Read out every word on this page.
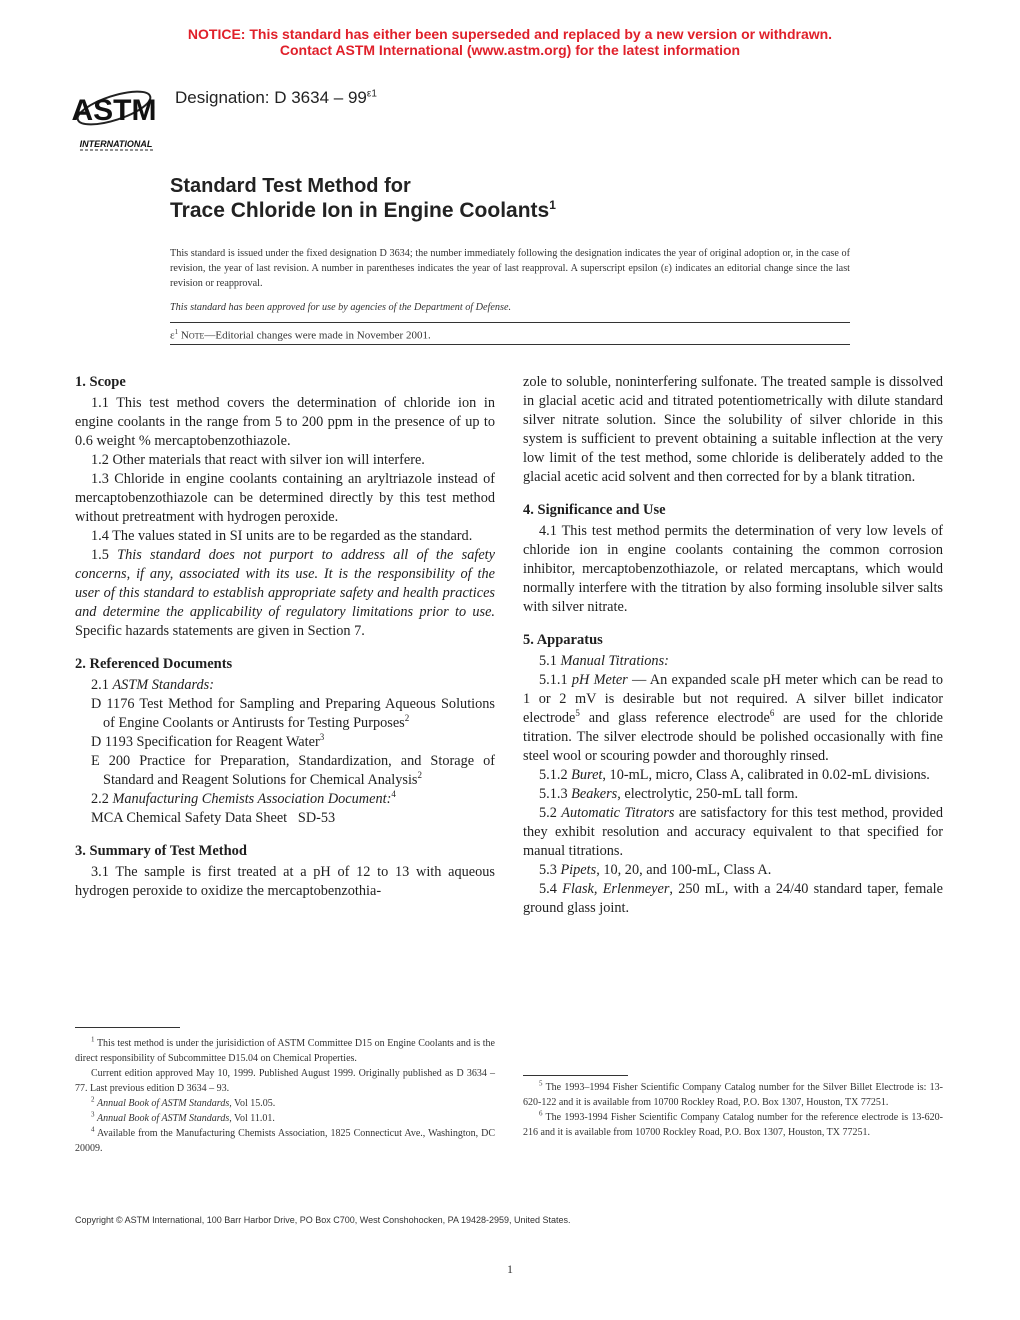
NOTICE: This standard has either been superseded and replaced by a new version or withdrawn.
Contact ASTM International (www.astm.org) for the latest information
ASTM
INTERNATIONAL
Designation: D $3634 - 99^{\varepsilon 1}$
Standard Test Method for
Trace Chloride Ion in Engine Coolants$^1$
This standard is issued under the fixed designation D 3634; the number immediately following the designation indicates the year of original adoption or, in the case of revision, the year of last revision. A number in parentheses indicates the year of last reapproval. A superscript epsilon (ε) indicates an editorial change since the last revision or reapproval.
This standard has been approved for use by agencies of the Department of Defense.
$\varepsilon^1$ Note—Editorial changes were made in November 2001.
1. Scope

1.1 This test method covers the determination of chloride ion in engine coolants in the range from 5 to 200 ppm in the presence of up to 0.6 weight % mercaptobenzothiazole.

1.2 Other materials that react with silver ion will interfere.

1.3 Chloride in engine coolants containing an aryltriazole instead of mercaptobenzothiazole can be determined directly by this test method without pretreatment with hydrogen peroxide.

1.4 The values stated in SI units are to be regarded as the standard.

1.5 This standard does not purport to address all of the safety concerns, if any, associated with its use. It is the responsibility of the user of this standard to establish appropriate safety and health practices and determine the applicability of regulatory limitations prior to use. Specific hazards statements are given in Section 7.

2. Referenced Documents

2.1 ASTM Standards:

D 1176 Test Method for Sampling and Preparing Aqueous Solutions of Engine Coolants or Antirusts for Testing Purposes$^2$

D 1193 Specification for Reagent Water$^3$

E 200 Practice for Preparation, Standardization, and Storage of Standard and Reagent Solutions for Chemical Analysis$^2$

2.2 Manufacturing Chemists Association Document:$^4$

MCA Chemical Safety Data Sheet   SD-53

3. Summary of Test Method

3.1 The sample is first treated at a pH of 12 to 13 with aqueous hydrogen peroxide to oxidize the mercaptobenzothia-

zole to soluble, noninterfering sulfonate. The treated sample is dissolved in glacial acetic acid and titrated potentiometrically with dilute standard silver nitrate solution. Since the solubility of silver chloride in this system is sufficient to prevent obtaining a suitable inflection at the very low limit of the test method, some chloride is deliberately added to the glacial acetic acid solvent and then corrected for by a blank titration.

4. Significance and Use

4.1 This test method permits the determination of very low levels of chloride ion in engine coolants containing the common corrosion inhibitor, mercaptobenzothiazole, or related mercaptans, which would normally interfere with the titration by also forming insoluble silver salts with silver nitrate.

5. Apparatus

5.1 Manual Titrations:

5.1.1 pH Meter — An expanded scale pH meter which can be read to 1 or 2 mV is desirable but not required. A silver billet indicator electrode$^5$ and glass reference electrode$^6$ are used for the chloride titration. The silver electrode should be polished occasionally with fine steel wool or scouring powder and thoroughly rinsed.

5.1.2 Buret, 10-mL, micro, Class A, calibrated in 0.02-mL divisions.

5.1.3 Beakers, electrolytic, 250-mL tall form.

5.2 Automatic Titrators are satisfactory for this test method, provided they exhibit resolution and accuracy equivalent to that specified for manual titrations.

5.3 Pipets, 10, 20, and 100-mL, Class A.

5.4 Flask, Erlenmeyer, 250 mL, with a 24/40 standard taper, female ground glass joint.

$^1$ This test method is under the jurisidiction of ASTM Committee D15 on Engine Coolants and is the direct responsibility of Subcommittee D15.04 on Chemical Properties.

Current edition approved May 10, 1999. Published August 1999. Originally published as D 3634 – 77. Last previous edition D 3634 – 93.

$^2$ Annual Book of ASTM Standards, Vol 15.05.

$^3$ Annual Book of ASTM Standards, Vol 11.01.

$^4$ Available from the Manufacturing Chemists Association, 1825 Connecticut Ave., Washington, DC 20009.

$^5$ The 1993–1994 Fisher Scientific Company Catalog number for the Silver Billet Electrode is: 13-620-122 and it is available from 10700 Rockley Road, P.O. Box 1307, Houston, TX 77251.

$^6$ The 1993-1994 Fisher Scientific Company Catalog number for the reference electrode is 13-620-216 and it is available from 10700 Rockley Road, P.O. Box 1307, Houston, TX 77251.

Copyright © ASTM International, 100 Barr Harbor Drive, PO Box C700, West Conshohocken, PA 19428-2959, United States.
1
